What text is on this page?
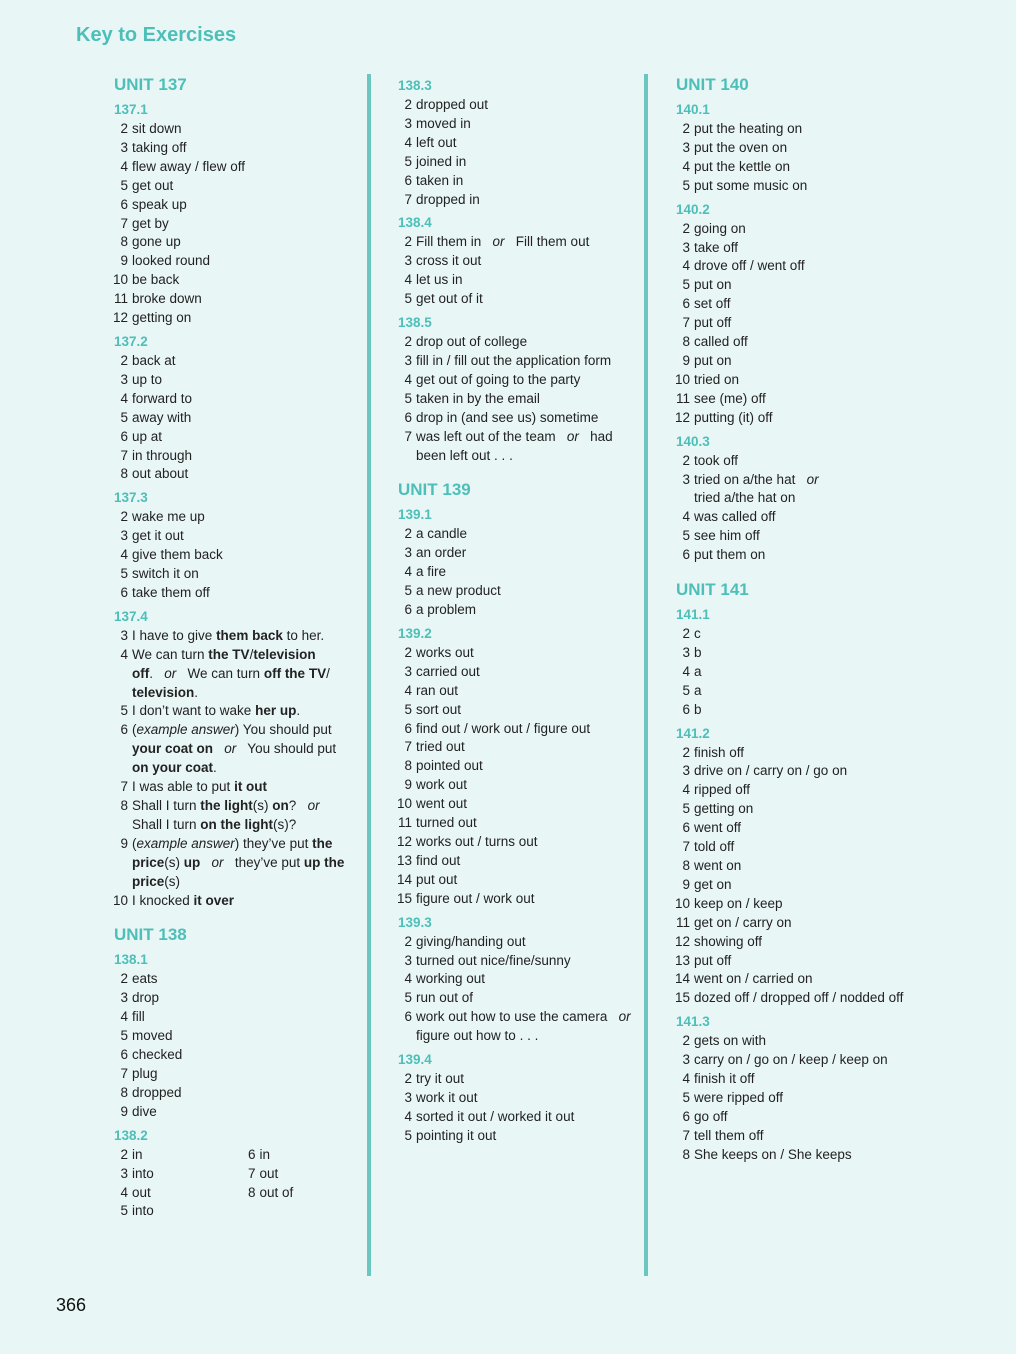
Key to Exercises
UNIT 137
137.1
2 sit down
3 taking off
4 flew away / flew off
5 get out
6 speak up
7 get by
8 gone up
9 looked round
10 be back
11 broke down
12 getting on
137.2
2 back at
3 up to
4 forward to
5 away with
6 up at
7 in through
8 out about
137.3
2 wake me up
3 get it out
4 give them back
5 switch it on
6 take them off
137.4
3 I have to give them back to her.
4 We can turn the TV/television
off.   or   We can turn off the TV/
television.
5 I don’t want to wake her up.
6 (example answer) You should put
your coat on or   You should put
on your coat.
7 I was able to put it out
8 Shall I turn the light(s) on?   or
Shall I turn on the light(s)?
9 (example answer) they’ve put the
price(s) up or   they’ve put up the
price(s)
10 I knocked it over
UNIT 138
138.1
2 eats
3 drop
4 fill
5 moved
6 checked
7 plug
8 dropped
9 dive
138.2
2 in	6 in
3 into	7 out
4 out	8 out of
5 into
138.3
2 dropped out
3 moved in
4 left out
5 joined in
6 taken in
7 dropped in
138.4
2 Fill them in   or   Fill them out
3 cross it out
4 let us in
5 get out of it
138.5
2 drop out of college
3 fill in / fill out the application form
4 get out of going to the party
5 taken in by the email
6 drop in (and see us) sometime
7 was left out of the team   or   had
been left out . . .
UNIT 139
139.1
2 a candle
3 an order
4 a fire
5 a new product
6 a problem
139.2
2 works out
3 carried out
4 ran out
5 sort out
6 find out / work out / figure out
7 tried out
8 pointed out
9 work out
10 went out
11 turned out
12 works out / turns out
13 find out
14 put out
15 figure out / work out
139.3
2 giving/handing out
3 turned out nice/fine/sunny
4 working out
5 run out of
6 work out how to use the camera   or
figure out how to . . .
139.4
2 try it out
3 work it out
4 sorted it out / worked it out
5 pointing it out
UNIT 140
140.1
2 put the heating on
3 put the oven on
4 put the kettle on
5 put some music on
140.2
2 going on
3 take off
4 drove off / went off
5 put on
6 set off
7 put off
8 called off
9 put on
10 tried on
11 see (me) off
12 putting (it) off
140.3
2 took off
3 tried on a/the hat   or
tried a/the hat on
4 was called off
5 see him off
6 put them on
UNIT 141
141.1
2 c
3 b
4 a
5 a
6 b
141.2
2 finish off
3 drive on / carry on / go on
4 ripped off
5 getting on
6 went off
7 told off
8 went on
9 get on
10 keep on / keep
11 get on / carry on
12 showing off
13 put off
14 went on / carried on
15 dozed off / dropped off / nodded off
141.3
2 gets on with
3 carry on / go on / keep / keep on
4 finish it off
5 were ripped off
6 go off
7 tell them off
8 She keeps on / She keeps
366
